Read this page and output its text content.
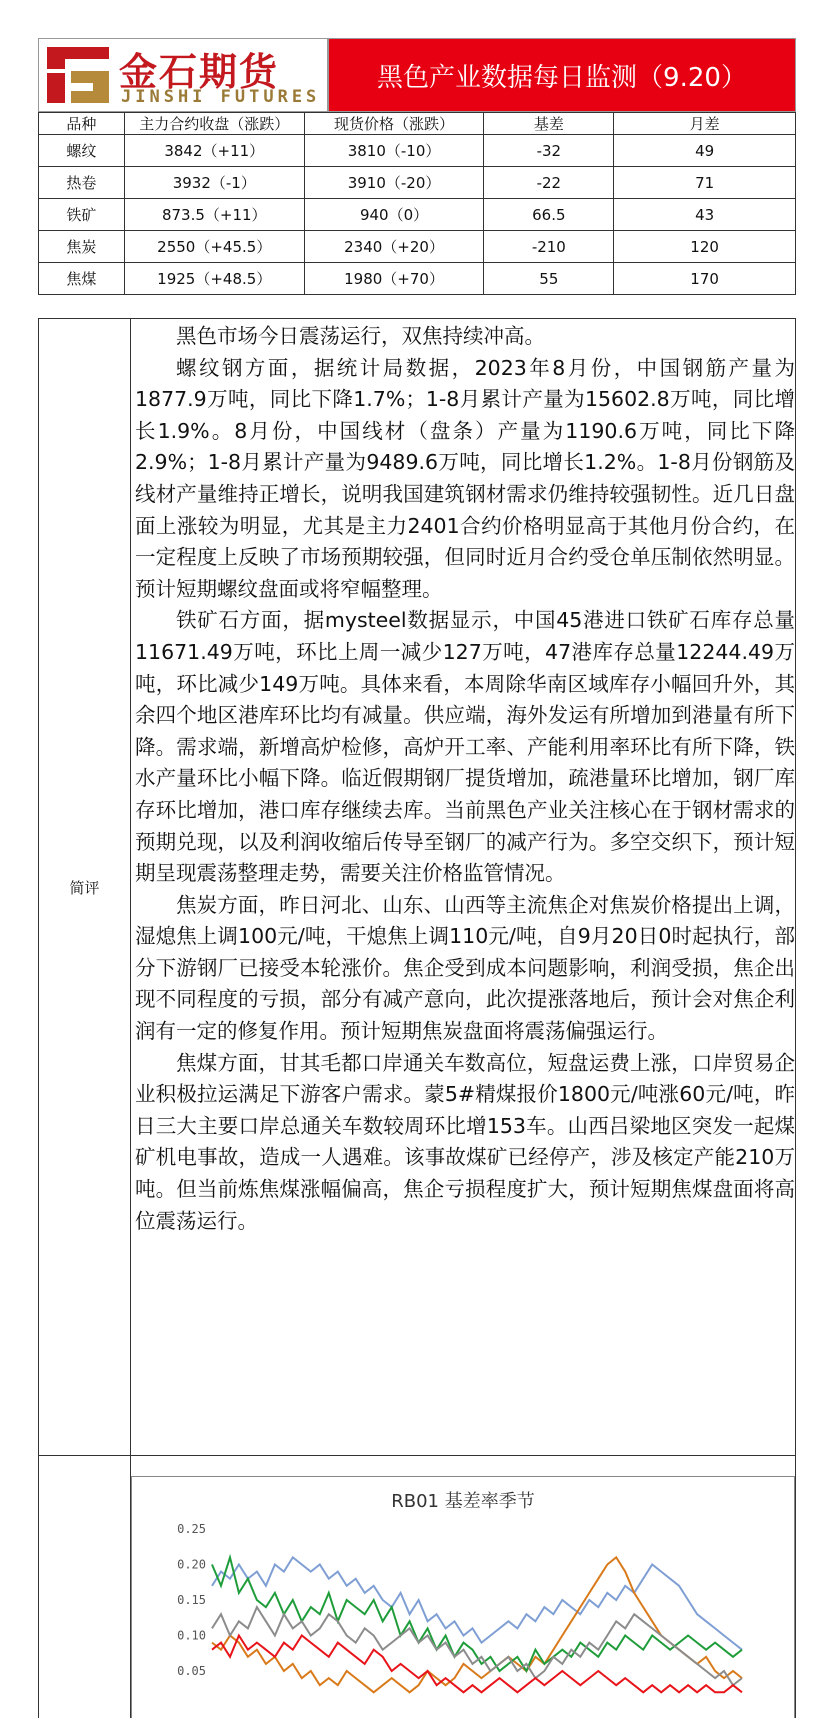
金石期货
JINSHI FUTURES
黑色产业数据每日监测（9.20）
品种	主力合约收盘（涨跌）	现货价格（涨跌）	基差	月差
螺纹	3842（+11）	3810（-10）	-32	49
热卷	3932（-1）	3910（-20）	-22	71
铁矿	873.5（+11）	940（0）	66.5	43
焦炭	2550（+45.5）	2340（+20）	-210	120
焦煤	1925（+48.5）	1980（+70）	55	170
简评

黑色市场今日震荡运行，双焦持续冲高。

螺纹钢方面，据统计局数据，2023年8月份，中国钢筋产量为1877.9万吨，同比下降1.7%；1-8月累计产量为15602.8万吨，同比增长1.9%。8月份，中国线材（盘条）产量为1190.6万吨，同比下降2.9%；1-8月累计产量为9489.6万吨，同比增长1.2%。1-8月份钢筋及线材产量维持正增长，说明我国建筑钢材需求仍维持较强韧性。近几日盘面上涨较为明显，尤其是主力2401合约价格明显高于其他月份合约，在一定程度上反映了市场预期较强，但同时近月合约受仓单压制依然明显。预计短期螺纹盘面或将窄幅整理。

铁矿石方面，据mysteel数据显示，中国45港进口铁矿石库存总量11671.49万吨，环比上周一减少127万吨，47港库存总量12244.49万吨，环比减少149万吨。具体来看，本周除华南区域库存小幅回升外，其余四个地区港库环比均有减量。供应端，海外发运有所增加到港量有所下降。需求端，新增高炉检修，高炉开工率、产能利用率环比有所下降，铁水产量环比小幅下降。临近假期钢厂提货增加，疏港量环比增加，钢厂库存环比增加，港口库存继续去库。当前黑色产业关注核心在于钢材需求的预期兑现，以及利润收缩后传导至钢厂的减产行为。多空交织下，预计短期呈现震荡整理走势，需要关注价格监管情况。

焦炭方面，昨日河北、山东、山西等主流焦企对焦炭价格提出上调，湿熄焦上调100元/吨，干熄焦上调110元/吨，自9月20日0时起执行，部分下游钢厂已接受本轮涨价。焦企受到成本问题影响，利润受损，焦企出现不同程度的亏损，部分有减产意向，此次提涨落地后，预计会对焦企利润有一定的修复作用。预计短期焦炭盘面将震荡偏强运行。

焦煤方面，甘其毛都口岸通关车数高位，短盘运费上涨，口岸贸易企业积极拉运满足下游客户需求。蒙5#精煤报价1800元/吨涨60元/吨，昨日三大主要口岸总通关车数较周环比增153车。山西吕梁地区突发一起煤矿机电事故，造成一人遇难。该事故煤矿已经停产，涉及核定产能210万吨。但当前炼焦煤涨幅偏高，焦企亏损程度扩大，预计短期焦煤盘面将高位震荡运行。

RB01 基差率季节
0.25
0.20
0.15
0.10
0.05
